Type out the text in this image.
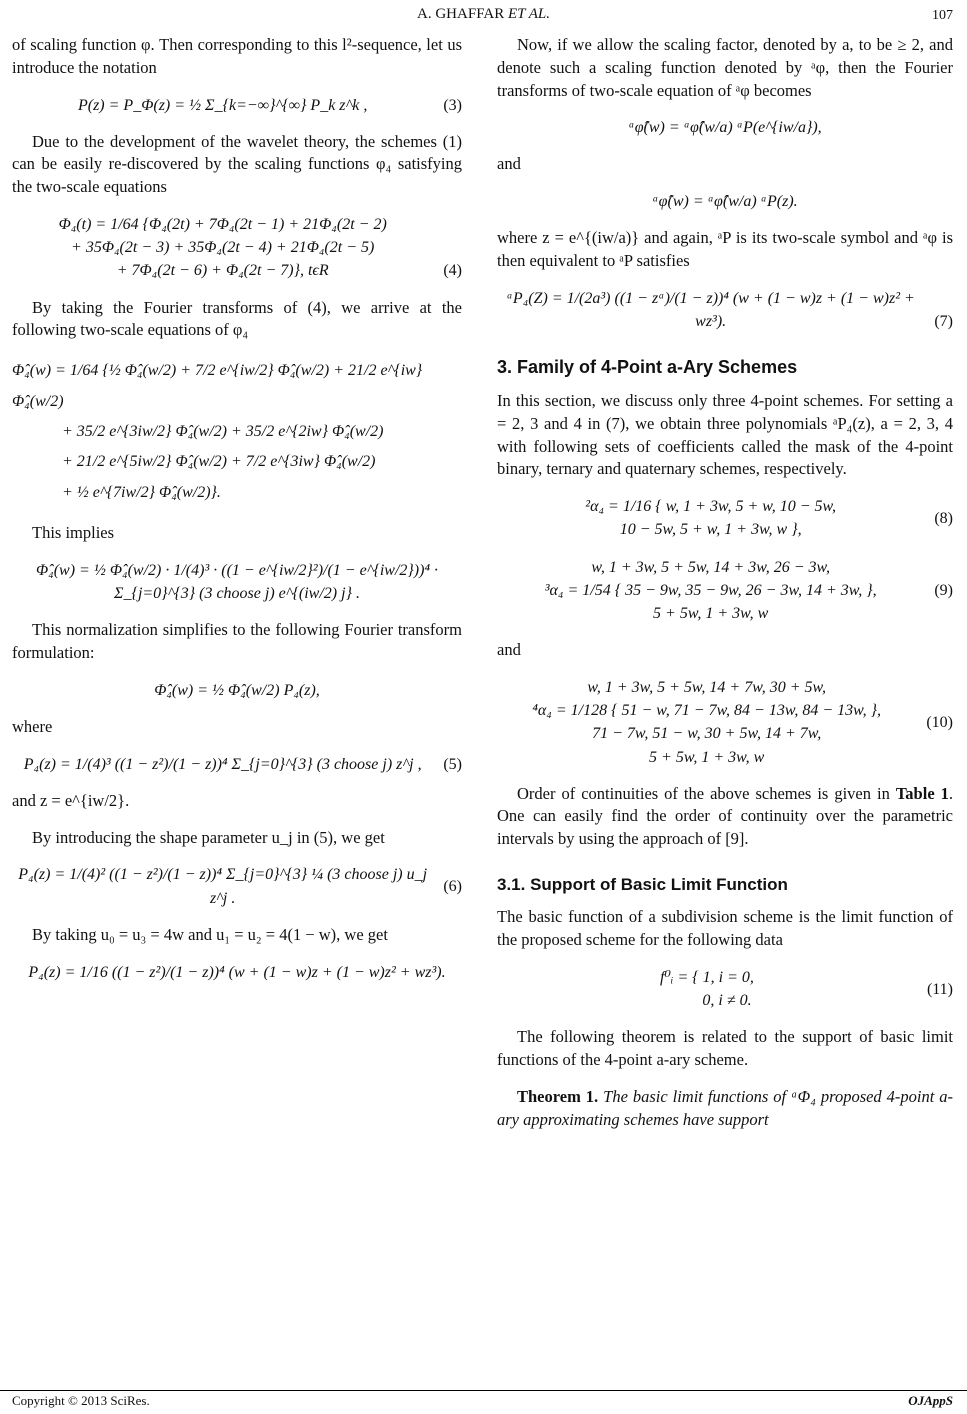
A. GHAFFAR ET AL.	107

of scaling function φ. Then corresponding to this l²-sequence, let us introduce the notation

P(z) = P_Φ(z) = ½ Σ_{k=−∞}^{∞} P_k z^k ,	(3)

Due to the development of the wavelet theory, the schemes (1) can be easily re-discovered by the scaling functions φ₄ satisfying the two-scale equations

Φ₄(t) = 1/64 {Φ₄(2t) + 7Φ₄(2t − 1) + 21Φ₄(2t − 2)
+ 35Φ₄(2t − 3) + 35Φ₄(2t − 4) + 21Φ₄(2t − 5)
+ 7Φ₄(2t − 6) + Φ₄(2t − 7)}, tϵR	(4)

By taking the Fourier transforms of (4), we arrive at the following two-scale equations of φ₄

Φ̂₄(w) = 1/64 {½ Φ̂₄(w/2) + 7/2 e^{iw/2} Φ̂₄(w/2) + 21/2 e^{iw} Φ̂₄(w/2)
+ 35/2 e^{3iw/2} Φ̂₄(w/2) + 35/2 e^{2iw} Φ̂₄(w/2)
+ 21/2 e^{5iw/2} Φ̂₄(w/2) + 7/2 e^{3iw} Φ̂₄(w/2)
+ ½ e^{7iw/2} Φ̂₄(w/2)}.

This implies

Φ̂₄(w) = ½ Φ̂₄(w/2) · 1/(4)³ · ((1 − e^{iw/2}²)/(1 − e^{iw/2}))⁴ · Σ_{j=0}^{3} (3 choose j) e^{(iw/2) j} .

This normalization simplifies to the following Fourier transform formulation:

Φ̂₄(w) = ½ Φ̂₄(w/2) P₄(z),

where

P₄(z) = 1/(4)³ ((1 − z²)/(1 − z))⁴ Σ_{j=0}^{3} (3 choose j) z^j ,	(5)

and z = e^{iw/2}.

By introducing the shape parameter u_j in (5), we get

P₄(z) = 1/(4)² ((1 − z²)/(1 − z))⁴ Σ_{j=0}^{3} ¼ (3 choose j) u_j z^j .
(6)

By taking u₀ = u₃ = 4w and u₁ = u₂ = 4(1 − w), we get

P₄(z) = 1/16 ((1 − z²)/(1 − z))⁴ (w + (1 − w)z + (1 − w)z² + wz³).

Now, if we allow the scaling factor, denoted by a, to be ≥ 2, and denote such a scaling function denoted by ᵃφ, then the Fourier transforms of two-scale equation of ᵃφ becomes

ᵃφ̂(w) = ᵃφ̂(w/a) ᵃP(e^{iw/a}),

and

ᵃφ̂(w) = ᵃφ̂(w/a) ᵃP(z).

where z = e^{(iw/a)} and again, ᵃP is its two-scale symbol and ᵃφ is then equivalent to ᵃP satisfies

ᵃP₄(Z) = 1/(2a³) ((1 − zᵃ)/(1 − z))⁴ (w + (1 − w)z + (1 − w)z² + wz³).	(7)
3. Family of 4-Point a-Ary Schemes

In this section, we discuss only three 4-point schemes. For setting a = 2, 3 and 4 in (7), we obtain three polynomials ᵃP₄(z), a = 2, 3, 4 with following sets of coefficients called the mask of the 4-point binary, ternary and quaternary schemes, respectively.

²α₄ = 1/16 { w, 1 + 3w, 5 + w, 10 − 5w,
10 − 5w, 5 + w, 1 + 3w, w },
(8)
w, 1 + 3w, 5 + 5w, 14 + 3w, 26 − 3w,
³α₄ = 1/54 { 35 − 9w, 35 − 9w, 26 − 3w, 14 + 3w, },
5 + 5w, 1 + 3w, w
(9)

and

w, 1 + 3w, 5 + 5w, 14 + 7w, 30 + 5w,
⁴α₄ = 1/128 { 51 − w, 71 − 7w, 84 − 13w, 84 − 13w, },
71 − 7w, 51 − w, 30 + 5w, 14 + 7w,
5 + 5w, 1 + 3w, w
(10)

Order of continuities of the above schemes is given in Table 1. One can easily find the order of continuity over the parametric intervals by using the approach of [9].

3.1. Support of Basic Limit Function

The basic function of a subdivision scheme is the limit function of the proposed scheme for the following data

f⁰ᵢ = { 1, i = 0,
0, i ≠ 0.
(11)

The following theorem is related to the support of basic limit functions of the 4-point a-ary scheme.

Theorem 1. The basic limit functions of ᵃΦ₄ proposed 4-point a-ary approximating schemes have support

Copyright © 2013 SciRes.	OJAppS
